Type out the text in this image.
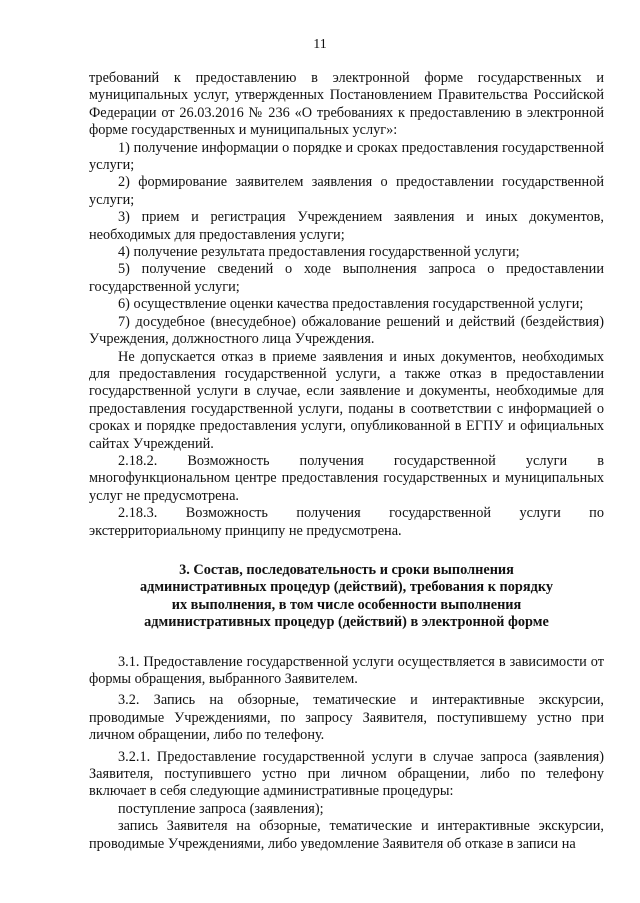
11

требований к предоставлению в электронной форме государственных и муниципальных услуг, утвержденных Постановлением Правительства Российской Федерации от 26.03.2016 № 236 «О требованиях к предоставлению в электронной форме государственных и муниципальных услуг»:

1) получение информации о порядке и сроках предоставления государственной услуги;

2) формирование заявителем заявления о предоставлении государственной услуги;

3) прием и регистрация Учреждением заявления и иных документов, необходимых для предоставления услуги;

4) получение результата предоставления государственной услуги;

5) получение сведений о ходе выполнения запроса о предоставлении государственной услуги;

6) осуществление оценки качества предоставления государственной услуги;

7) досудебное (внесудебное) обжалование решений и действий (бездействия) Учреждения, должностного лица Учреждения.

Не допускается отказ в приеме заявления и иных документов, необходимых для предоставления государственной услуги, а также отказ в предоставлении государственной услуги в случае, если заявление и документы, необходимые для предоставления государственной услуги, поданы в соответствии с информацией о сроках и порядке предоставления услуги, опубликованной в ЕГПУ и официальных сайтах Учреждений.

2.18.2. Возможность получения государственной услуги в многофункциональном центре предоставления государственных и муниципальных услуг не предусмотрена.

2.18.3. Возможность получения государственной услуги по экстерриториальному принципу не предусмотрена.

3. Состав, последовательность и сроки выполнения
административных процедур (действий), требования к порядку
их выполнения, в том числе особенности выполнения
административных процедур (действий) в электронной форме

3.1. Предоставление государственной услуги осуществляется в зависимости от формы обращения, выбранного Заявителем.

3.2. Запись на обзорные, тематические и интерактивные экскурсии, проводимые Учреждениями, по запросу Заявителя, поступившему устно при личном обращении, либо по телефону.

3.2.1. Предоставление государственной услуги в случае запроса (заявления) Заявителя, поступившего устно при личном обращении, либо по телефону включает в себя следующие административные процедуры:

поступление запроса (заявления);

запись Заявителя на обзорные, тематические и интерактивные экскурсии, проводимые Учреждениями, либо уведомление Заявителя об отказе в записи на
